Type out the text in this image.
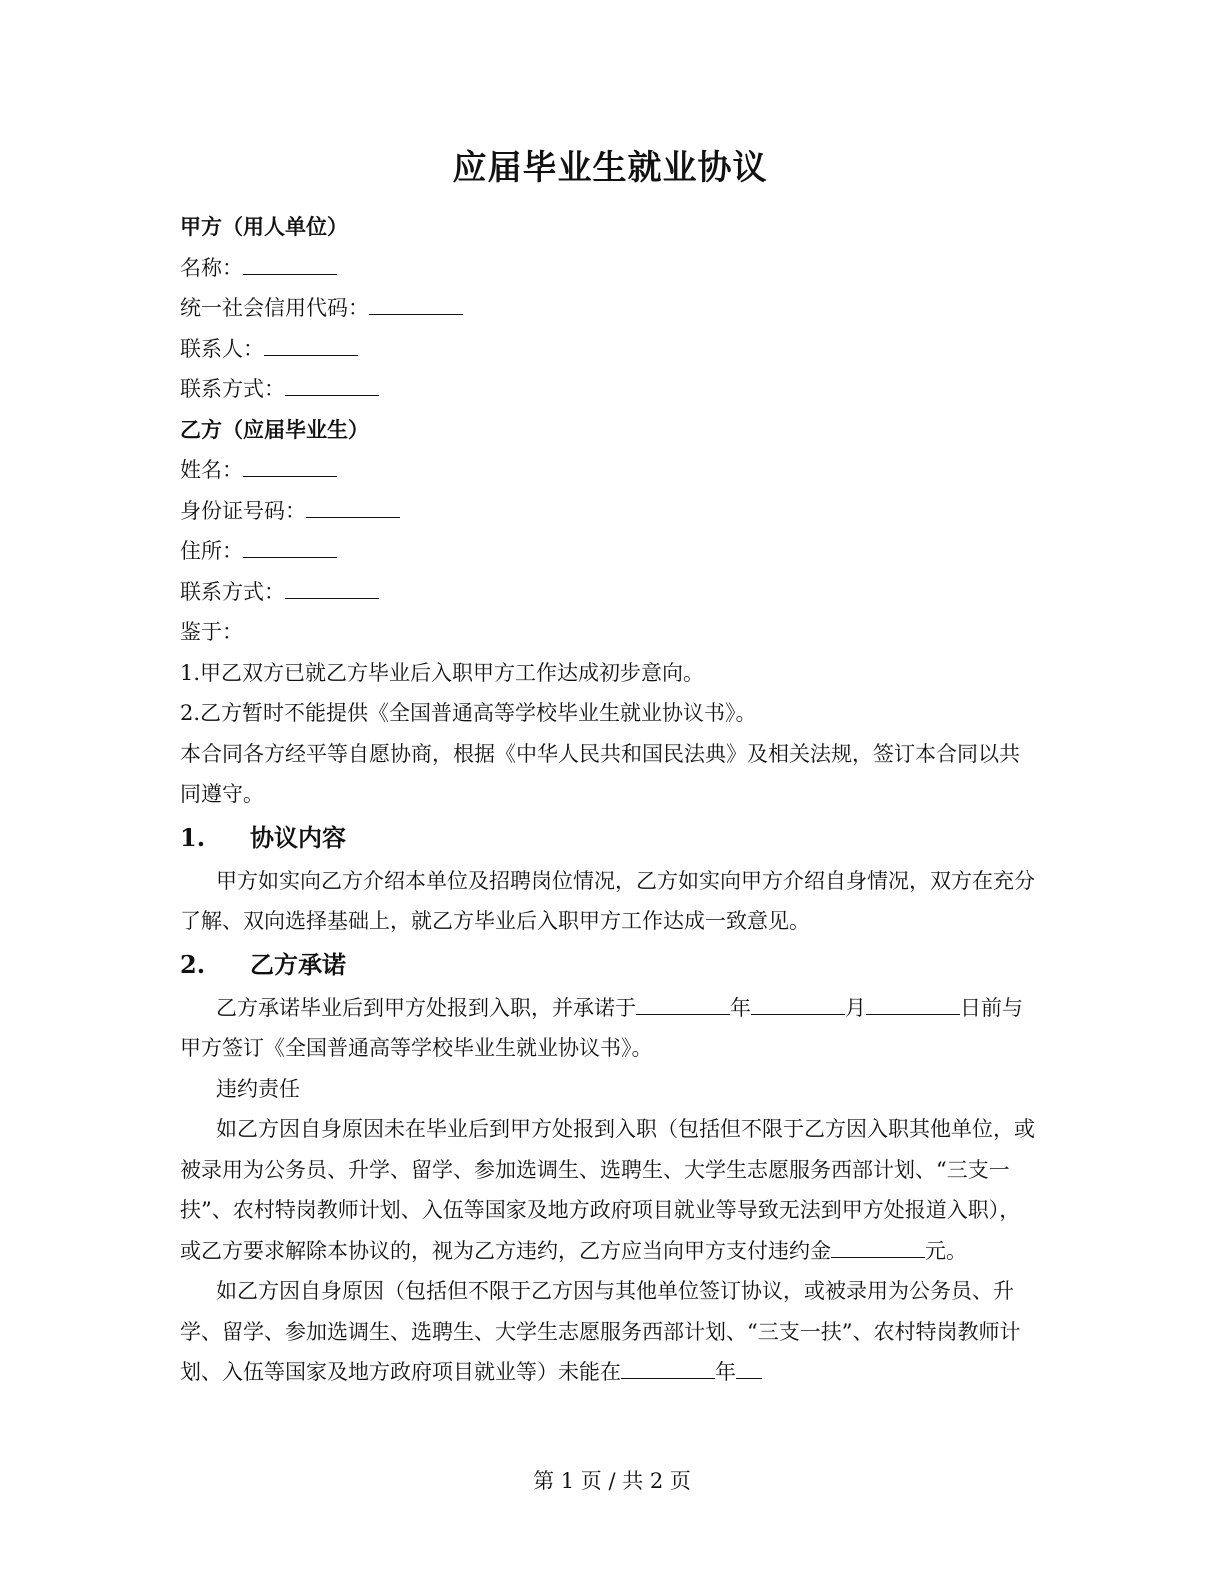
应届毕业生就业协议

甲方（用人单位）

名称：

统一社会信用代码：

联系人：

联系方式：

乙方（应届毕业生）

姓名：

身份证号码：

住所：

联系方式：

鉴于：

1.甲乙双方已就乙方毕业后入职甲方工作达成初步意向。

2.乙方暂时不能提供《全国普通高等学校毕业生就业协议书》。

本合同各方经平等自愿协商，根据《中华人民共和国民法典》及相关法规，签订本合同以共同遵守。

1.	协议内容

甲方如实向乙方介绍本单位及招聘岗位情况，乙方如实向甲方介绍自身情况，双方在充分了解、双向选择基础上，就乙方毕业后入职甲方工作达成一致意见。

2.	乙方承诺

乙方承诺毕业后到甲方处报到入职，并承诺于	年	月	日前与甲方签订《全国普通高等学校毕业生就业协议书》。

违约责任

如乙方因自身原因未在毕业后到甲方处报到入职（包括但不限于乙方因入职其他单位，或被录用为公务员、升学、留学、参加选调生、选聘生、大学生志愿服务西部计划、“三支一扶”、农村特岗教师计划、入伍等国家及地方政府项目就业等导致无法到甲方处报道入职），或乙方要求解除本协议的，视为乙方违约，乙方应当向甲方支付违约金	元。

如乙方因自身原因（包括但不限于乙方因与其他单位签订协议，或被录用为公务员、升学、留学、参加选调生、选聘生、大学生志愿服务西部计划、“三支一扶”、农村特岗教师计划、入伍等国家及地方政府项目就业等）未能在	年

第 1 页 / 共 2 页
